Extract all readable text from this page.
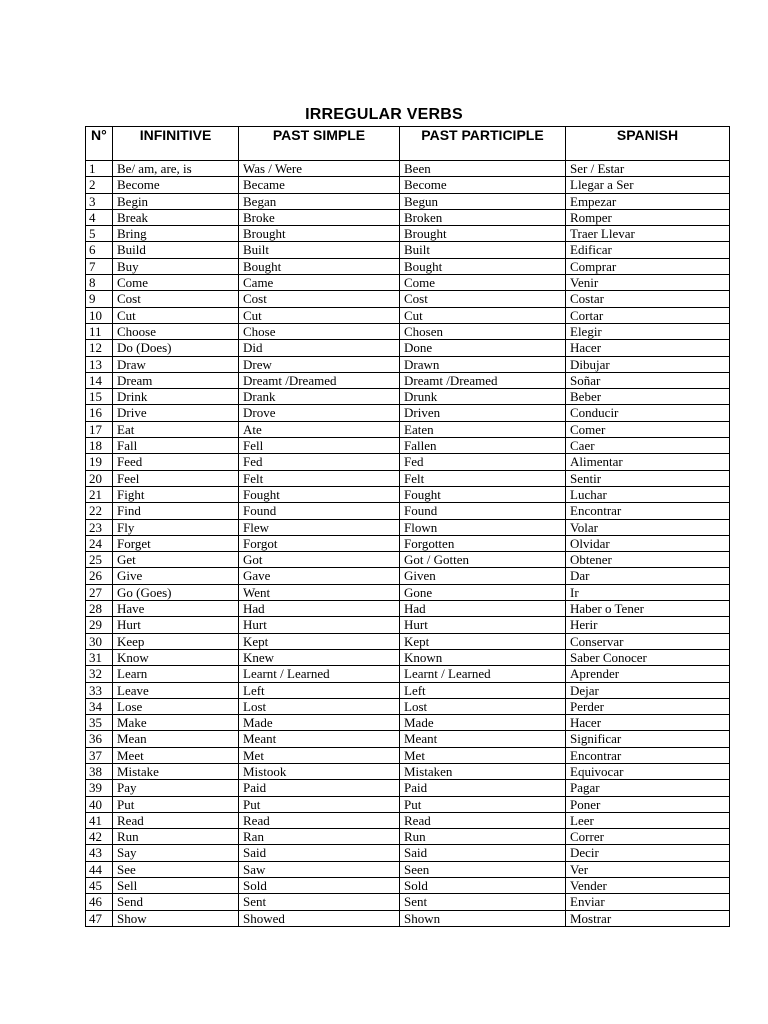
IRREGULAR VERBS
N°	INFINITIVE	PAST SIMPLE	PAST PARTICIPLE	SPANISH
1	Be/ am, are, is	Was / Were	Been	Ser / Estar
2	Become	Became	Become	Llegar a Ser
3	Begin	Began	Begun	Empezar
4	Break	Broke	Broken	Romper
5	Bring	Brought	Brought	Traer Llevar
6	Build	Built	Built	Edificar
7	Buy	Bought	Bought	Comprar
8	Come	Came	Come	Venir
9	Cost	Cost	Cost	Costar
10	Cut	Cut	Cut	Cortar
11	Choose	Chose	Chosen	Elegir
12	Do (Does)	Did	Done	Hacer
13	Draw	Drew	Drawn	Dibujar
14	Dream	Dreamt /Dreamed	Dreamt /Dreamed	Soñar
15	Drink	Drank	Drunk	Beber
16	Drive	Drove	Driven	Conducir
17	Eat	Ate	Eaten	Comer
18	Fall	Fell	Fallen	Caer
19	Feed	Fed	Fed	Alimentar
20	Feel	Felt	Felt	Sentir
21	Fight	Fought	Fought	Luchar
22	Find	Found	Found	Encontrar
23	Fly	Flew	Flown	Volar
24	Forget	Forgot	Forgotten	Olvidar
25	Get	Got	Got / Gotten	Obtener
26	Give	Gave	Given	Dar
27	Go (Goes)	Went	Gone	Ir
28	Have	Had	Had	Haber o Tener
29	Hurt	Hurt	Hurt	Herir
30	Keep	Kept	Kept	Conservar
31	Know	Knew	Known	Saber Conocer
32	Learn	Learnt / Learned	Learnt / Learned	Aprender
33	Leave	Left	Left	Dejar
34	Lose	Lost	Lost	Perder
35	Make	Made	Made	Hacer
36	Mean	Meant	Meant	Significar
37	Meet	Met	Met	Encontrar
38	Mistake	Mistook	Mistaken	Equivocar
39	Pay	Paid	Paid	Pagar
40	Put	Put	Put	Poner
41	Read	Read	Read	Leer
42	Run	Ran	Run	Correr
43	Say	Said	Said	Decir
44	See	Saw	Seen	Ver
45	Sell	Sold	Sold	Vender
46	Send	Sent	Sent	Enviar
47	Show	Showed	Shown	Mostrar
